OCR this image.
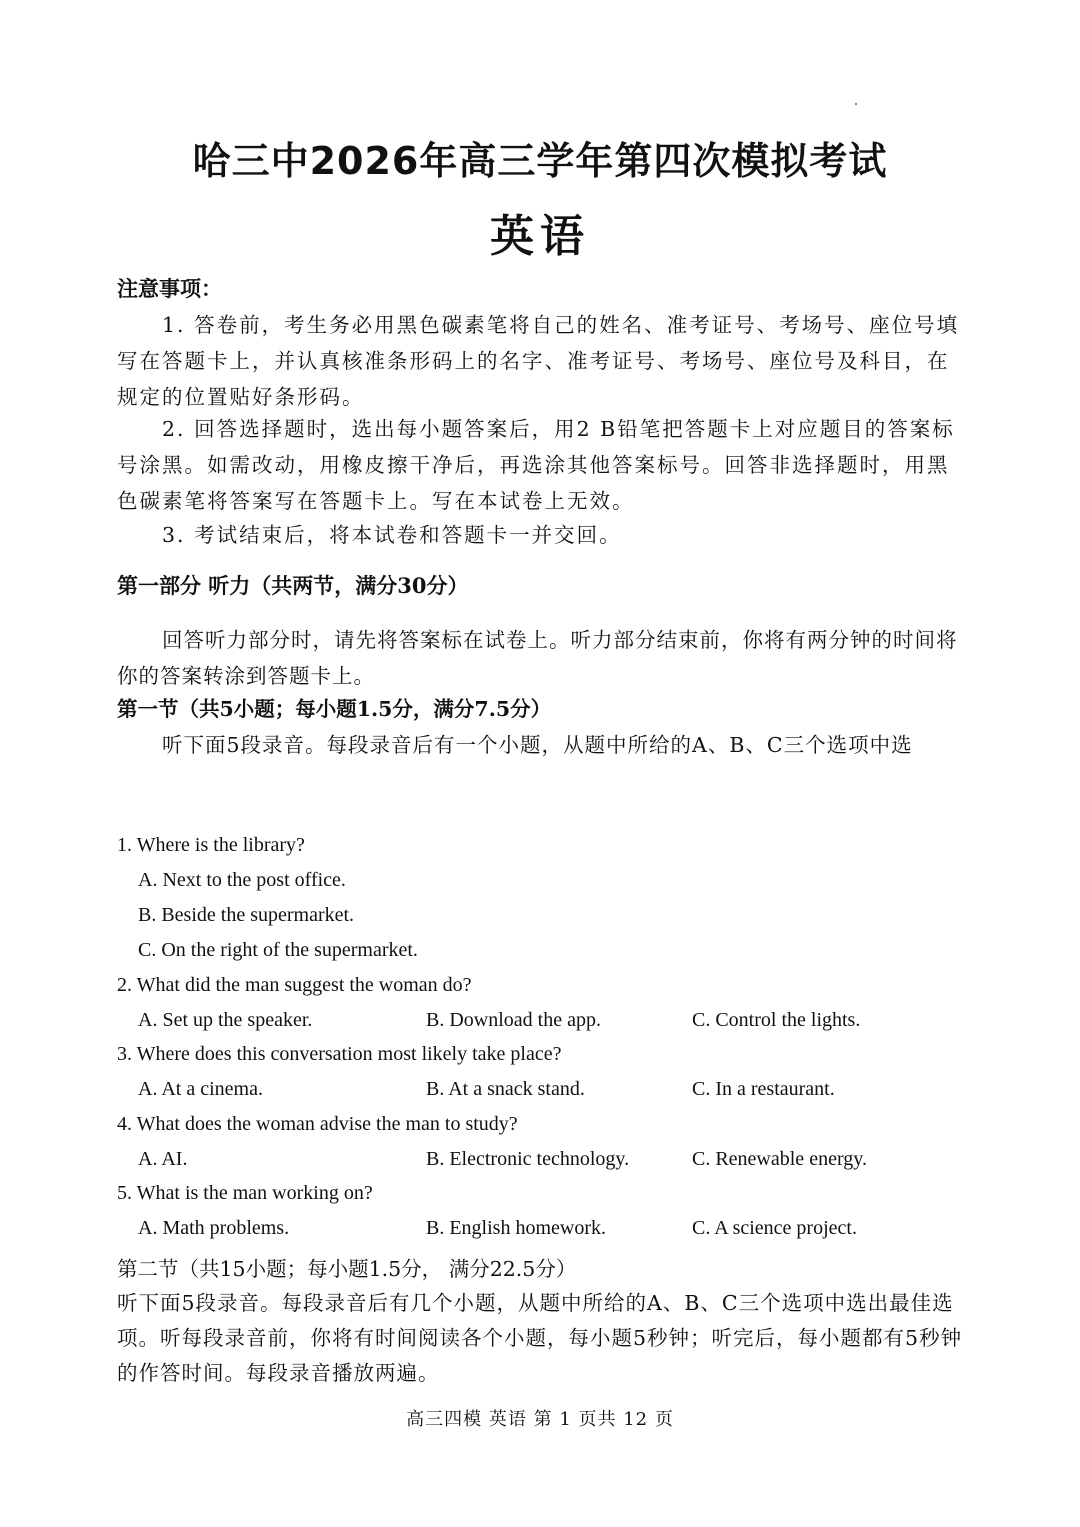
哈三中2026年高三学年第四次模拟考试
英语
注意事项：
1. 答卷前，考生务必用黑色碳素笔将自己的姓名、准考证号、考场号、座位号填写在答题卡上，并认真核准条形码上的名字、准考证号、考场号、座位号及科目，在规定的位置贴好条形码。
2. 回答选择题时，选出每小题答案后，用2 B铅笔把答题卡上对应题目的答案标号涂黑。如需改动，用橡皮擦干净后，再选涂其他答案标号。回答非选择题时，用黑色碳素笔将答案写在答题卡上。写在本试卷上无效。
3. 考试结束后，将本试卷和答题卡一并交回。
第一部分 听力（共两节，满分30分）
回答听力部分时，请先将答案标在试卷上。听力部分结束前，你将有两分钟的时间将你的答案转涂到答题卡上。
第一节（共5小题；每小题1.5分，满分7.5分）
听下面5段录音。每段录音后有一个小题，从题中所给的A、B、C三个选项中选
1. Where is the library?
A. Next to the post office.
B. Beside the supermarket.
C. On the right of the supermarket.
2. What did the man suggest the woman do?
A. Set up the speaker.	B. Download the app.	C. Control the lights.
3. Where does this conversation most likely take place?
A. At a cinema.	B. At a snack stand.	C. In a restaurant.
4. What does the woman advise the man to study?
A. AI.	B. Electronic technology.	C. Renewable energy.
5. What is the man working on?
A. Math problems.	B. English homework.	C. A science project.
第二节（共15小题；每小题1.5分， 满分22.5分）
听下面5段录音。每段录音后有几个小题，从题中所给的A、B、C三个选项中选出最佳选项。听每段录音前，你将有时间阅读各个小题，每小题5秒钟；听完后，每小题都有5秒钟的作答时间。每段录音播放两遍。
高三四模 英语 第 1 页共 12 页
